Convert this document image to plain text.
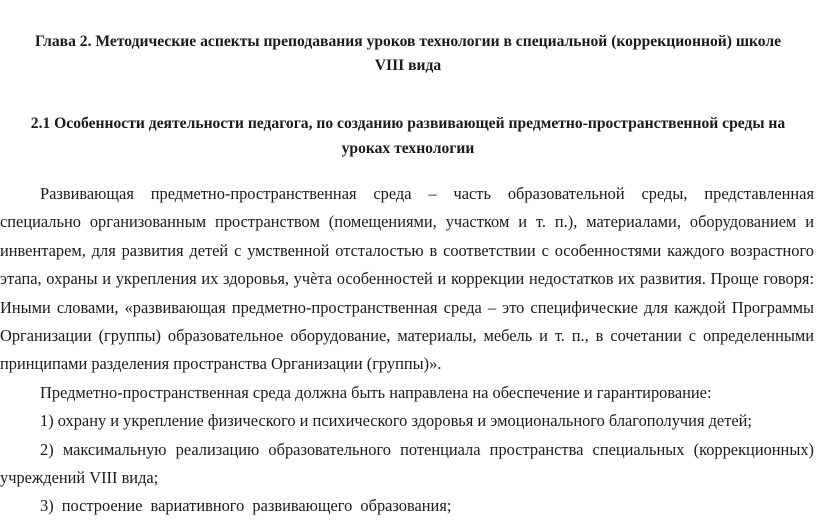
Глава 2. Методические аспекты преподавания уроков технологии в специальной (коррекционной) школе
VIII вида
2.1 Особенности деятельности педагога, по созданию развивающей предметно-пространственной среды на
уроках технологии

Развивающая предметно-пространственная среда – часть образовательной среды, представленная
специально организованным пространством (помещениями, участком и т. п.), материалами, оборудованием и
инвентарем, для развития детей с умственной отсталостью в соответствии с особенностями каждого возрастного
этапа, охраны и укрепления их здоровья, учѐта особенностей и коррекции недостатков их развития. Проще говоря:
Иными словами, «развивающая предметно-пространственная среда – это специфические для каждой Программы
Организации (группы) образовательное оборудование, материалы, мебель и т. п., в сочетании с определенными
принципами разделения пространства Организации (группы)».

Предметно-пространственная среда должна быть направлена на обеспечение и гарантирование:

1) охрану и укрепление физического и психического здоровья и эмоционального благополучия детей;

2) максимальную реализацию образовательного потенциала пространства специальных (коррекционных)
учреждений VIII вида;

3) построение вариативного развивающего образования;
